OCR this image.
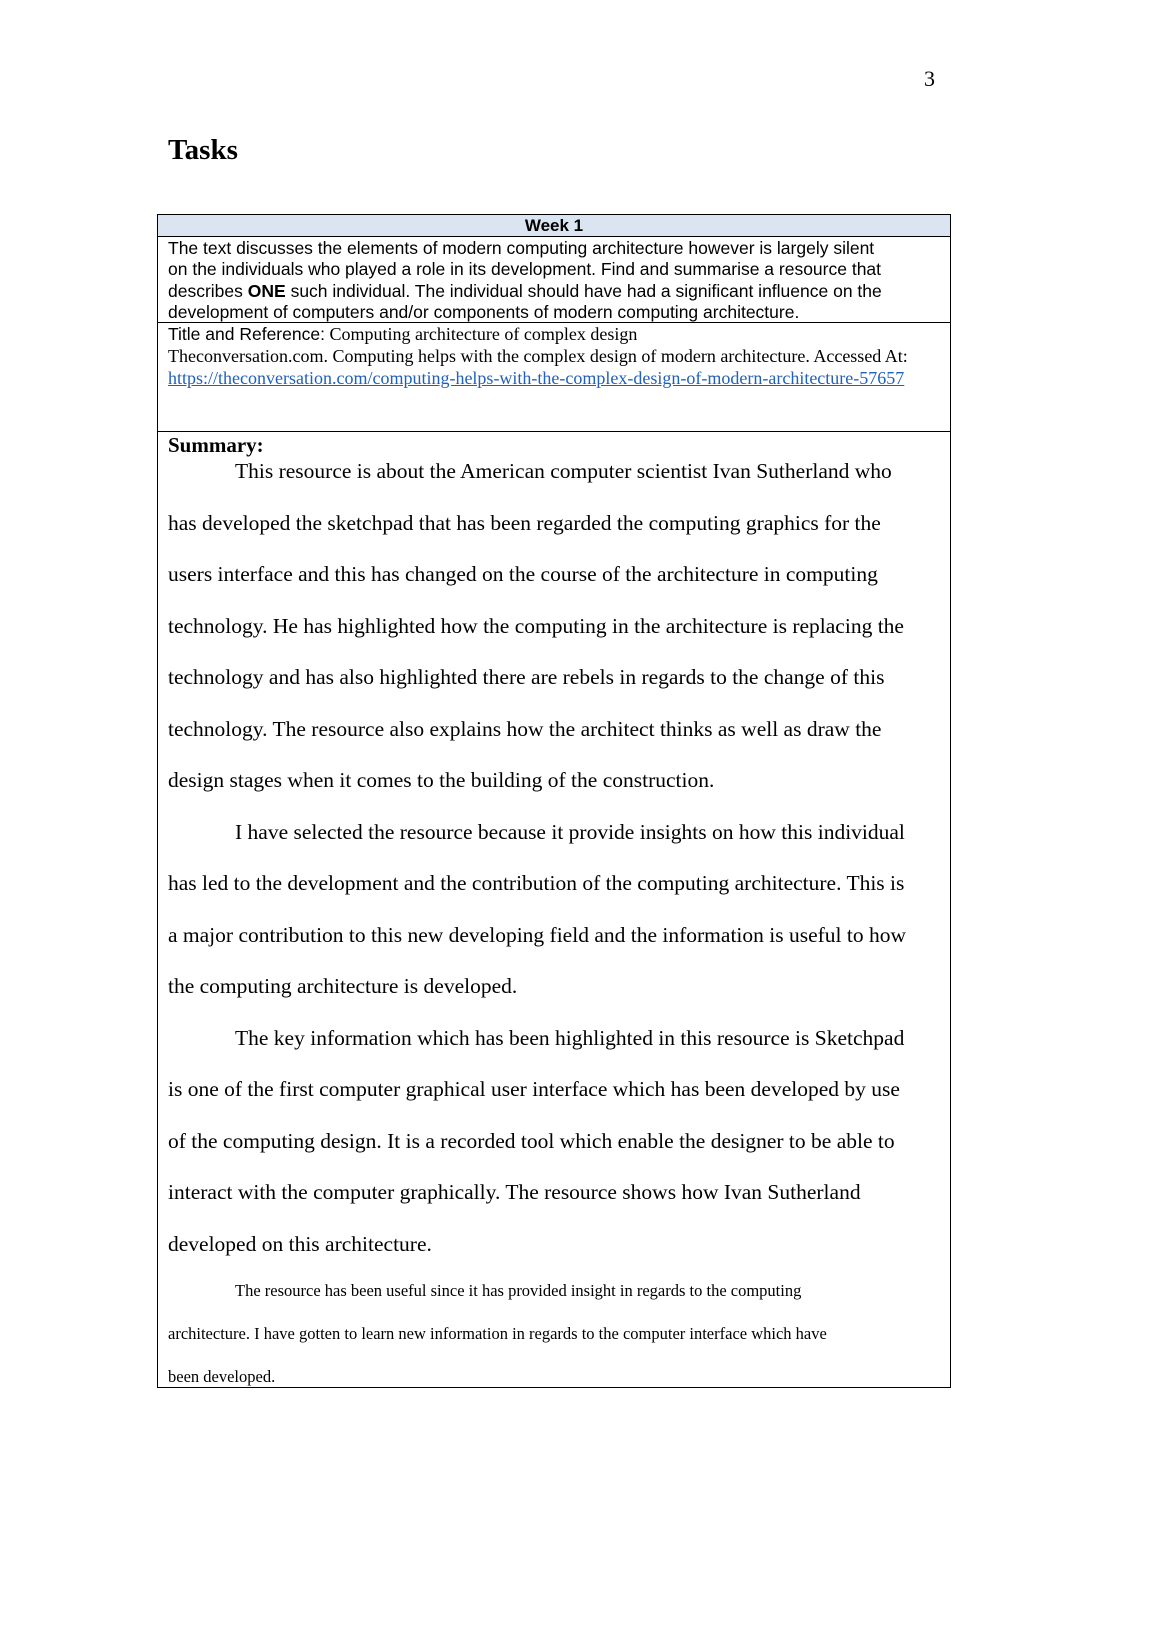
3
Tasks
Week 1
The text discusses the elements of modern computing architecture however is largely silent
on the individuals who played a role in its development. Find and summarise a resource that
describes ONE such individual. The individual should have had a significant influence on the
development of computers and/or components of modern computing architecture.
Title and Reference: Computing architecture of complex design
Theconversation.com. Computing helps with the complex design of modern architecture. Accessed At:
https://theconversation.com/computing-helps-with-the-complex-design-of-modern-architecture-57657
Summary:
This resource is about the American computer scientist Ivan Sutherland who
has developed the sketchpad that has been regarded the computing graphics for the
users interface and this has changed on the course of the architecture in computing
technology. He has highlighted how the computing in the architecture is replacing the
technology and has also highlighted there are rebels in regards to the change of this
technology. The resource also explains how the architect thinks as well as draw the
design stages when it comes to the building of the construction.
I have selected the resource because it provide insights on how this individual
has led to the development and the contribution of the computing architecture. This is
a major contribution to this new developing field and the information is useful to how
the computing architecture is developed.
The key information which has been highlighted in this resource is Sketchpad
is one of the first computer graphical user interface which has been developed by use
of the computing design. It is a recorded tool which enable the designer to be able to
interact with the computer graphically. The resource shows how Ivan Sutherland
developed on this architecture.
The resource has been useful since it has provided insight in regards to the computing
architecture. I have gotten to learn new information in regards to the computer interface which have
been developed.
